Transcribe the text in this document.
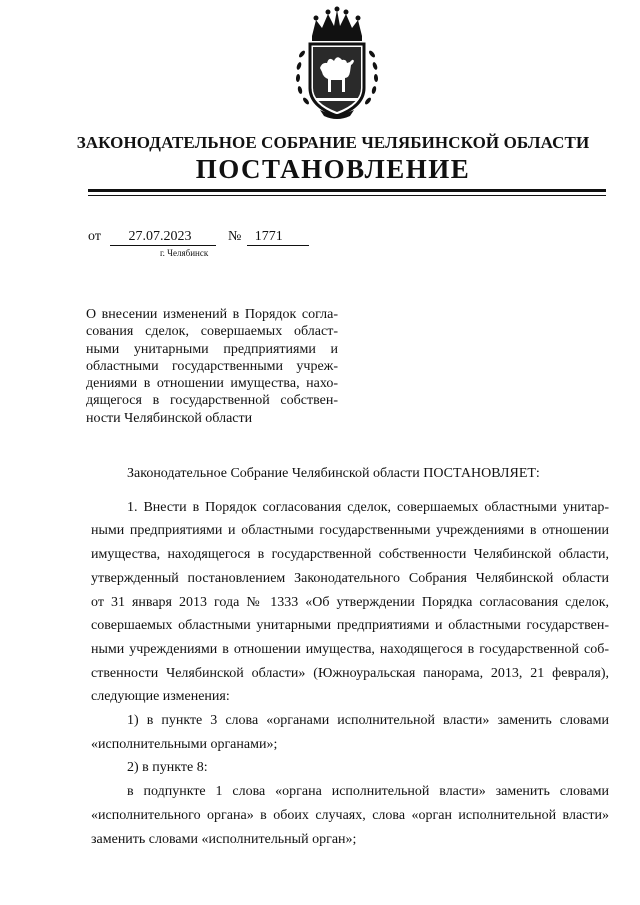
ЗАКОНОДАТЕЛЬНОЕ СОБРАНИЕ ЧЕЛЯБИНСКОЙ ОБЛАСТИ
ПОСТАНОВЛЕНИЕ
от 27.07.2023	№ 1771
г. Челябинск
О внесении изменений в Порядок согла-
сования сделок, совершаемых област-
ными унитарными предприятиями и
областными государственными учреж-
дениями в отношении имущества, нахо-
дящегося в государственной собствен-
ности Челябинской области
Законодательное Собрание Челябинской области ПОСТАНОВЛЯЕТ:
1. Внести в Порядок согласования сделок, совершаемых областными унитар-
ными предприятиями и областными государственными учреждениями в отношении
имущества, находящегося в государственной собственности Челябинской области,
утвержденный постановлением Законодательного Собрания Челябинской области
от 31 января 2013 года № 1333 «Об утверждении Порядка согласования сделок,
совершаемых областными унитарными предприятиями и областными государствен-
ными учреждениями в отношении имущества, находящегося в государственной соб-
ственности Челябинской области» (Южноуральская панорама, 2013, 21 февраля),
следующие изменения:
1) в пункте 3 слова «органами исполнительной власти» заменить словами
«исполнительными органами»;
2) в пункте 8:
в подпункте 1 слова «органа исполнительной власти» заменить словами
«исполнительного органа» в обоих случаях, слова «орган исполнительной власти»
заменить словами «исполнительный орган»;
